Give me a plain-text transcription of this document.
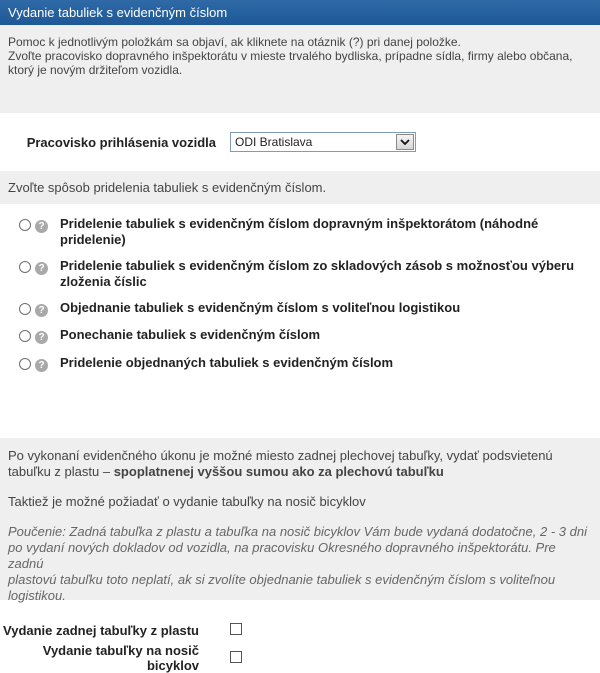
Vydanie tabuliek s evidenčným číslom
Pomoc k jednotlivým položkám sa objaví, ak kliknete na otáznik (?) pri danej položke.
Zvoľte pracovisko dopravného inšpektorátu v mieste trvalého bydliska, prípadne sídla, firmy alebo občana,
ktorý je novým držiteľom vozidla.
Pracovisko prihlásenia vozidla	ODI Bratislava
Zvoľte spôsob pridelenia tabuliek s evidenčným číslom.
? Pridelenie tabuliek s evidenčným číslom dopravným inšpektorátom (náhodné
pridelenie)
? Pridelenie tabuliek s evidenčným číslom zo skladových zásob s možnosťou výberu
zloženia číslic
? Objednanie tabuliek s evidenčným číslom s voliteľnou logistikou
? Ponechanie tabuliek s evidenčným číslom
? Pridelenie objednaných tabuliek s evidenčným číslom

Po vykonaní evidenčného úkonu je možné miesto zadnej plechovej tabuľky, vydať podsvietenú
tabuľku z plastu – spoplatnenej vyššou sumou ako za plechovú tabuľku

Taktiež je možné požiadať o vydanie tabuľky na nosič bicyklov

Poučenie: Zadná tabuľka z plastu a tabuľka na nosič bicyklov Vám bude vydaná dodatočne, 2 - 3 dni
po vydaní nových dokladov od vozidla, na pracovisku Okresného dopravného inšpektorátu. Pre zadnú
plastovú tabuľku toto neplatí, ak si zvolíte objednanie tabuliek s evidenčným číslom s voliteľnou
logistikou.

Vydanie zadnej tabuľky z plastu
Vydanie tabuľky na nosič bicyklov
